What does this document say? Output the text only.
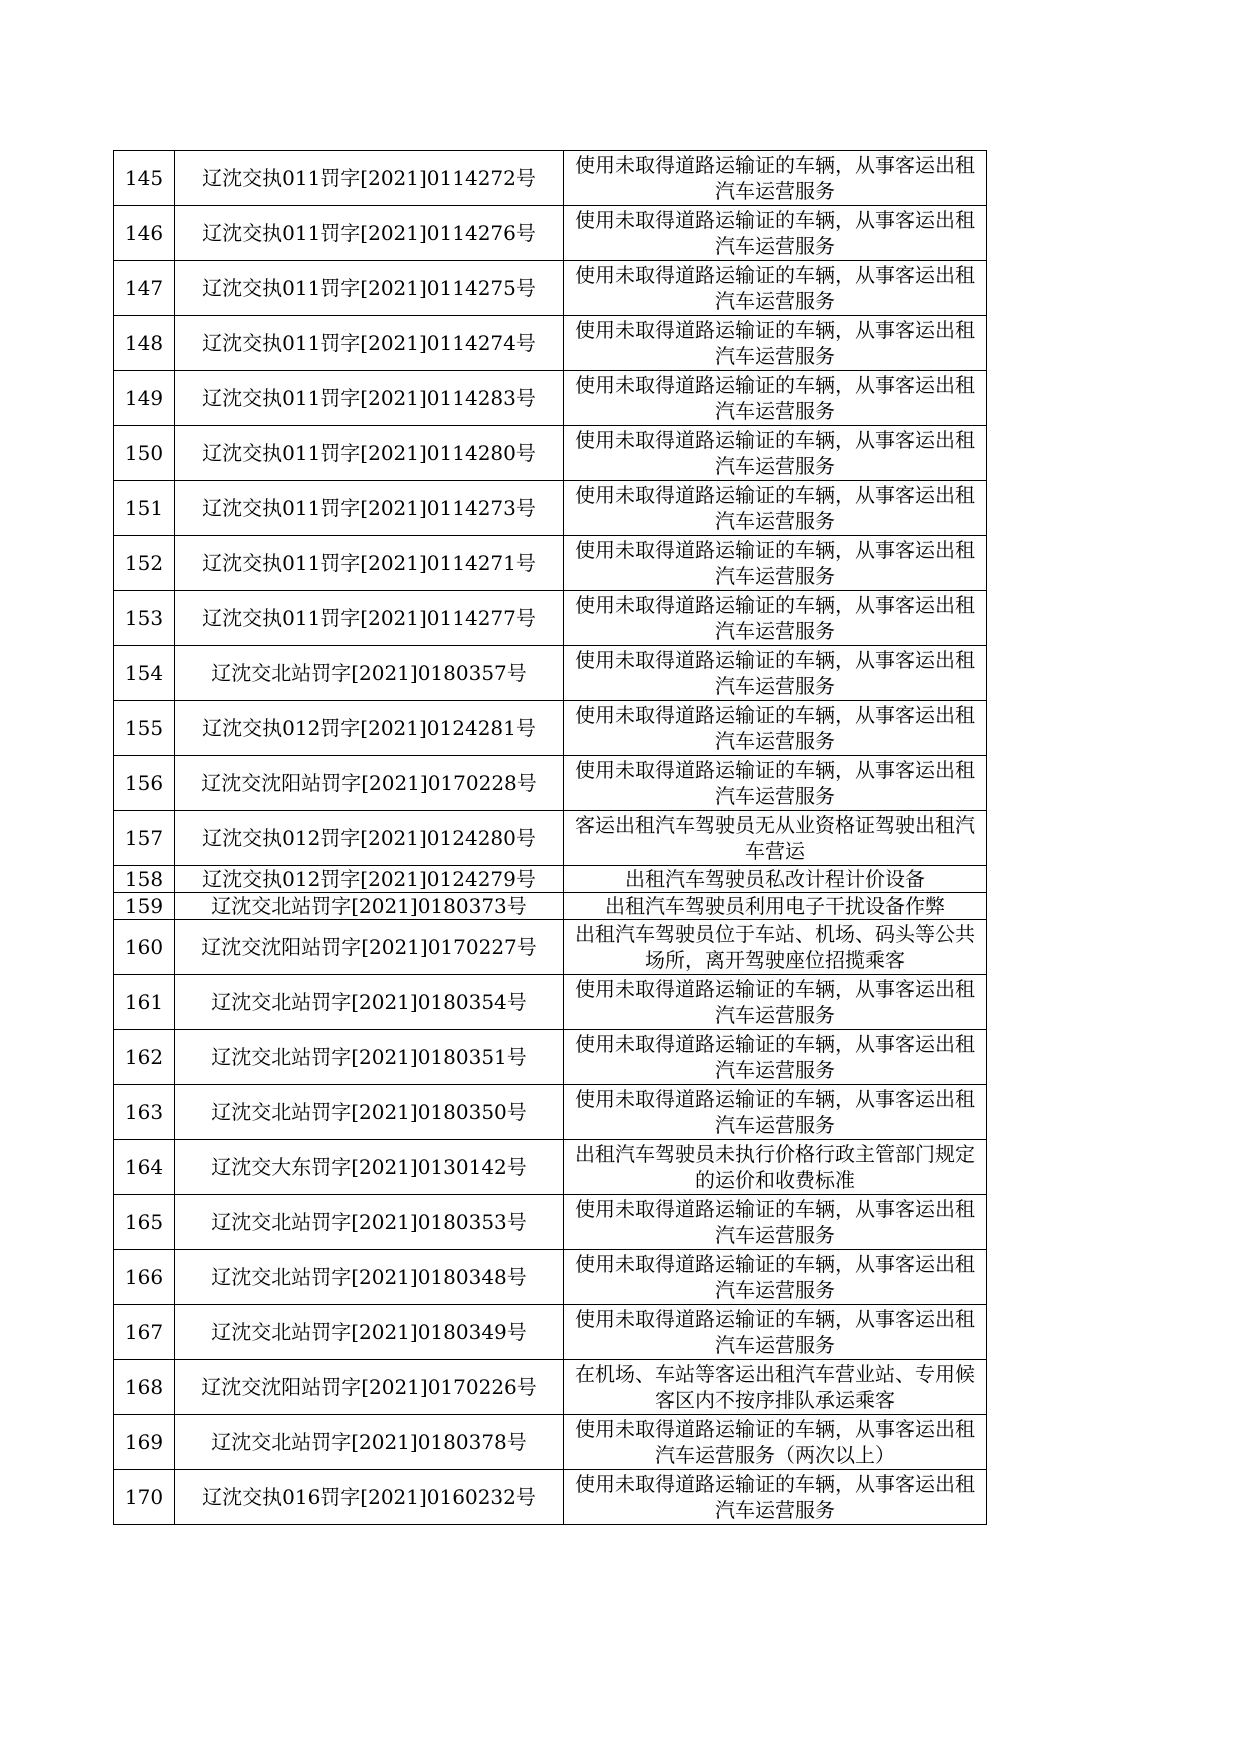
145	辽沈交执011罚字[2021]0114272号	使用未取得道路运输证的车辆，从事客运出租汽车运营服务

146	辽沈交执011罚字[2021]0114276号	使用未取得道路运输证的车辆，从事客运出租汽车运营服务

147	辽沈交执011罚字[2021]0114275号	使用未取得道路运输证的车辆，从事客运出租汽车运营服务

148	辽沈交执011罚字[2021]0114274号	使用未取得道路运输证的车辆，从事客运出租汽车运营服务

149	辽沈交执011罚字[2021]0114283号	使用未取得道路运输证的车辆，从事客运出租汽车运营服务

150	辽沈交执011罚字[2021]0114280号	使用未取得道路运输证的车辆，从事客运出租汽车运营服务

151	辽沈交执011罚字[2021]0114273号	使用未取得道路运输证的车辆，从事客运出租汽车运营服务

152	辽沈交执011罚字[2021]0114271号	使用未取得道路运输证的车辆，从事客运出租汽车运营服务

153	辽沈交执011罚字[2021]0114277号	使用未取得道路运输证的车辆，从事客运出租汽车运营服务

154	辽沈交北站罚字[2021]0180357号	使用未取得道路运输证的车辆，从事客运出租汽车运营服务

155	辽沈交执012罚字[2021]0124281号	使用未取得道路运输证的车辆，从事客运出租汽车运营服务

156	辽沈交沈阳站罚字[2021]0170228号	使用未取得道路运输证的车辆，从事客运出租汽车运营服务

157	辽沈交执012罚字[2021]0124280号	客运出租汽车驾驶员无从业资格证驾驶出租汽车营运

158	辽沈交执012罚字[2021]0124279号	出租汽车驾驶员私改计程计价设备

159	辽沈交北站罚字[2021]0180373号	出租汽车驾驶员利用电子干扰设备作弊

160	辽沈交沈阳站罚字[2021]0170227号	出租汽车驾驶员位于车站、机场、码头等公共场所，离开驾驶座位招揽乘客

161	辽沈交北站罚字[2021]0180354号	使用未取得道路运输证的车辆，从事客运出租汽车运营服务

162	辽沈交北站罚字[2021]0180351号	使用未取得道路运输证的车辆，从事客运出租汽车运营服务

163	辽沈交北站罚字[2021]0180350号	使用未取得道路运输证的车辆，从事客运出租汽车运营服务

164	辽沈交大东罚字[2021]0130142号	出租汽车驾驶员未执行价格行政主管部门规定的运价和收费标准

165	辽沈交北站罚字[2021]0180353号	使用未取得道路运输证的车辆，从事客运出租汽车运营服务

166	辽沈交北站罚字[2021]0180348号	使用未取得道路运输证的车辆，从事客运出租汽车运营服务

167	辽沈交北站罚字[2021]0180349号	使用未取得道路运输证的车辆，从事客运出租汽车运营服务

168	辽沈交沈阳站罚字[2021]0170226号	在机场、车站等客运出租汽车营业站、专用候客区内不按序排队承运乘客

169	辽沈交北站罚字[2021]0180378号	使用未取得道路运输证的车辆，从事客运出租汽车运营服务（两次以上）

170	辽沈交执016罚字[2021]0160232号	使用未取得道路运输证的车辆，从事客运出租汽车运营服务
